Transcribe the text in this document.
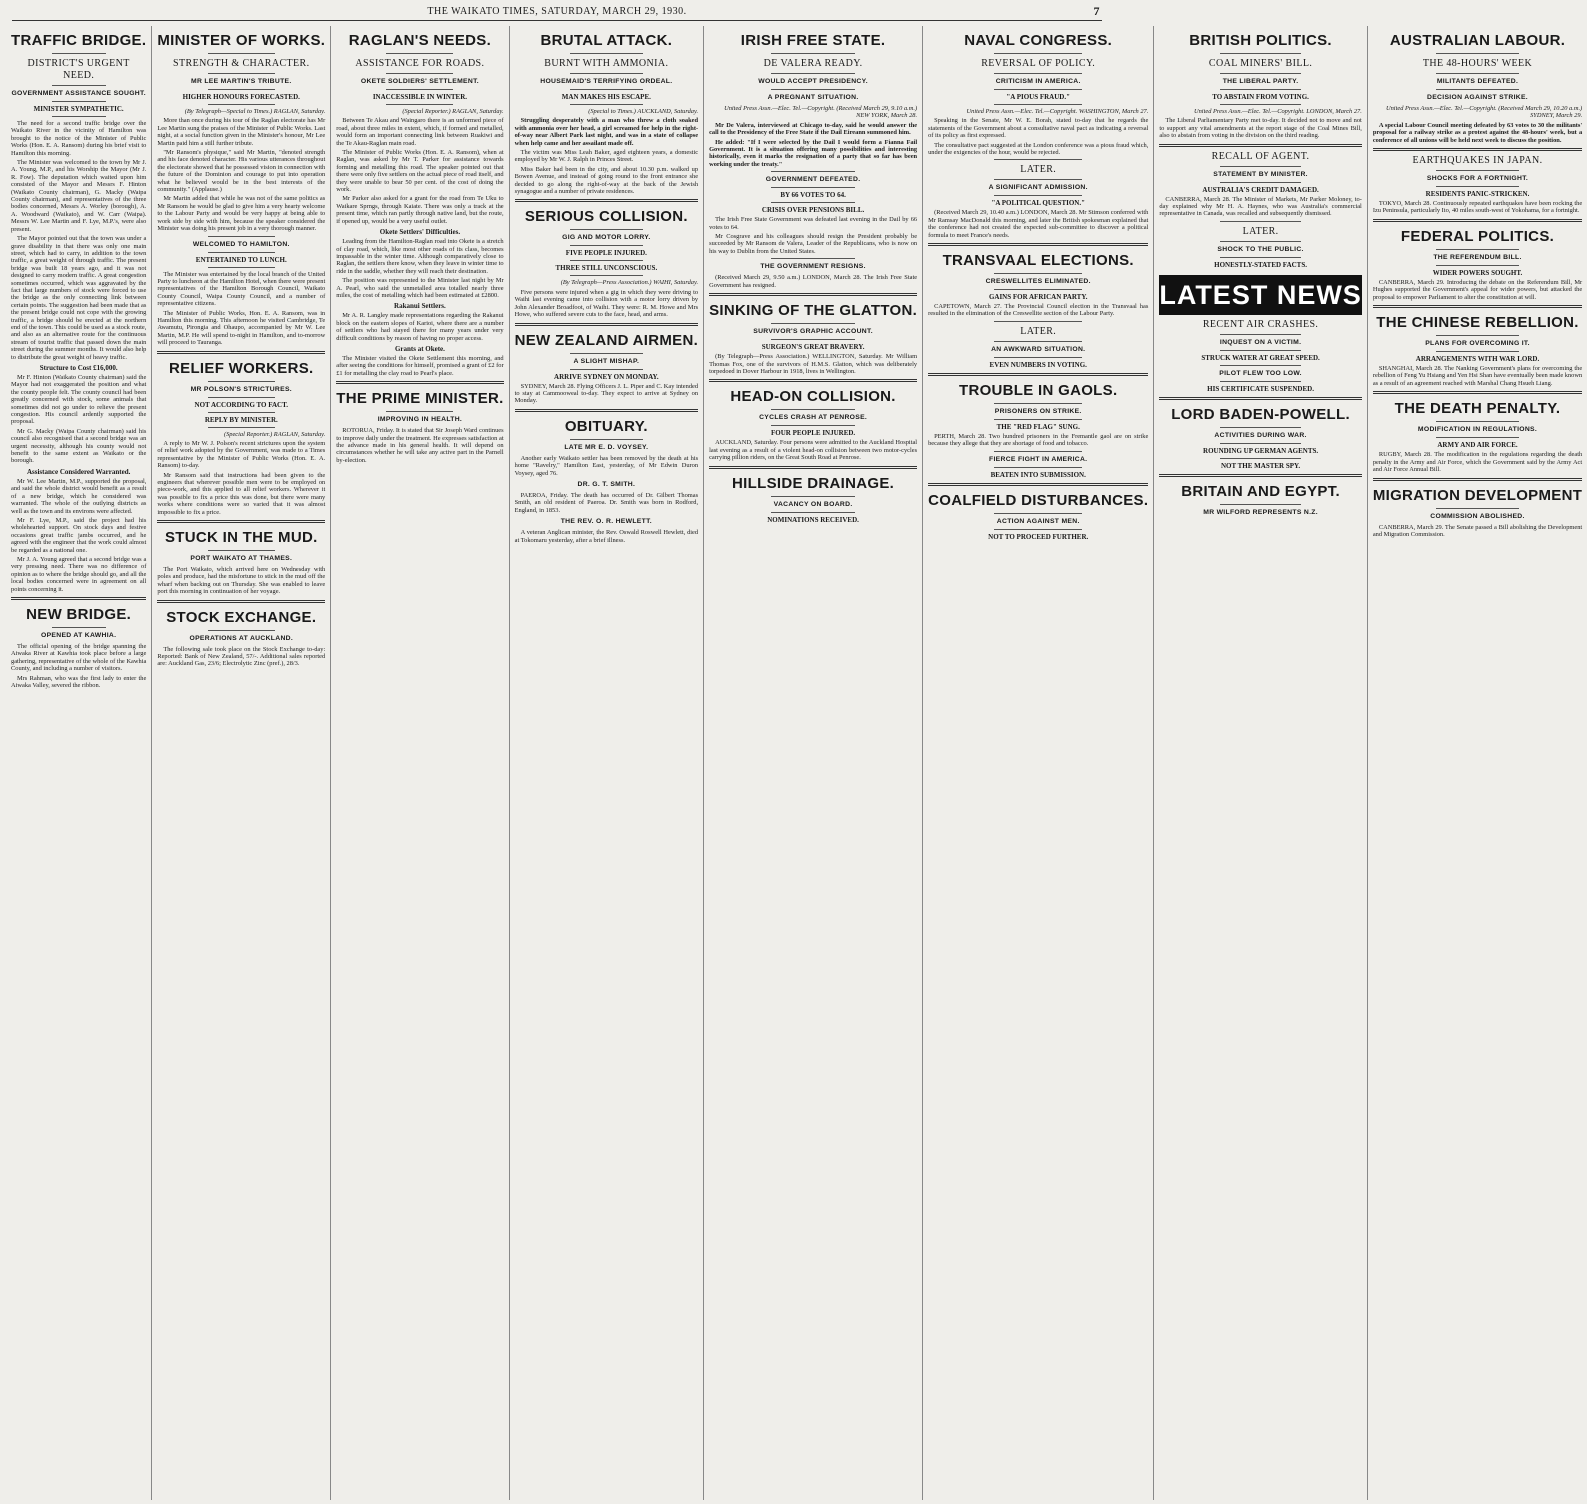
THE WAIKATO TIMES, SATURDAY, MARCH 29, 1930.	7
TRAFFIC BRIDGE.
DISTRICT'S URGENT NEED.
GOVERNMENT ASSISTANCE SOUGHT.
MINISTER SYMPATHETIC.

The need for a second traffic bridge over the Waikato River in the vicinity of Hamilton was brought to the notice of the Minister of Public Works (Hon. E. A. Ransom) during his brief visit to Hamilton this morning.

The Minister was welcomed to the town by Mr J. A. Young, M.P., and his Worship the Mayor (Mr J. R. Fow). The deputation which waited upon him consisted of the Mayor and Messrs F. Hinton (Waikato County chairman), G. Macky (Waipa County chairman), and representatives of the three bodies concerned, Messrs A. Worley (borough), A. A. Woodward (Waikato), and W. Carr (Waipa). Messrs W. Lee Martin and F. Lye, M.P.'s, were also present.

The Mayor pointed out that the town was under a grave disability in that there was only one main street, which had to carry, in addition to the town traffic, a great weight of through traffic. The present bridge was built 18 years ago, and it was not designed to carry modern traffic. A great congestion sometimes occurred, which was aggravated by the fact that large numbers of stock were forced to use the bridge as the only connecting link between certain points. The suggestion had been made that as the present bridge could not cope with the growing traffic, a bridge should be erected at the northern end of the town. This could be used as a stock route, and also as an alternative route for the continuous stream of tourist traffic that passed down the main street during the summer months. It would also help to distribute the great weight of heavy traffic.

Structure to Cost £16,000.

Mr F. Hinton (Waikato County chairman) said the Mayor had not exaggerated the position and what the county people felt. The county council had been greatly concerned with stock, some animals that sometimes did not go under to relieve the present congestion. His council ardently supported the proposal.

Mr G. Macky (Waipa County chairman) said his council also recognised that a second bridge was an urgent necessity, although his county would not benefit to the same extent as Waikato or the borough.

Assistance Considered Warranted.

Mr W. Lee Martin, M.P., supported the proposal, and said the whole district would benefit as a result of a new bridge, which he considered was warranted. The whole of the outlying districts as well as the town and its environs were affected.

Mr F. Lye, M.P., said the project had his wholehearted support. On stock days and festive occasions great traffic jambs occurred, and he agreed with the engineer that the work could almost be regarded as a national one.

Mr J. A. Young agreed that a second bridge was a very pressing need. There was no difference of opinion as to where the bridge should go, and all the local bodies concerned were in agreement on all points concerning it.

NEW BRIDGE.
OPENED AT KAWHIA.

The official opening of the bridge spanning the Aiwaka River at Kawhia took place before a large gathering, representative of the whole of the Kawhia County, and including a number of visitors.

Mrs Rahman, who was the first lady to enter the Aiwaka Valley, severed the ribbon.

MINISTER OF WORKS.
STRENGTH & CHARACTER.
MR LEE MARTIN'S TRIBUTE.
HIGHER HONOURS FORECASTED.

(By Telegraph—Special to Times.) RAGLAN, Saturday.

More than once during his tour of the Raglan electorate has Mr Lee Martin sung the praises of the Minister of Public Works. Last night, at a social function given in the Minister's honour, Mr Lee Martin paid him a still further tribute.

"Mr Ransom's physique," said Mr Martin, "denoted strength and his face denoted character. His various utterances throughout the electorate showed that he possessed vision in connection with the future of the Dominion and courage to put into operation what he believed would be in the best interests of the community." (Applause.)

Mr Martin added that while he was not of the same politics as Mr Ransom he would be glad to give him a very hearty welcome to the Labour Party and would be very happy at being able to work side by side with him, because the speaker considered the Minister was doing his present job in a very thorough manner.

WELCOMED TO HAMILTON.
ENTERTAINED TO LUNCH.

The Minister was entertained by the local branch of the United Party to luncheon at the Hamilton Hotel, when there were present representatives of the Hamilton Borough Council, Waikato County Council, Waipa County Council, and a number of representative citizens.

The Minister of Public Works, Hon. E. A. Ransom, was in Hamilton this morning. This afternoon he visited Cambridge, Te Awamutu, Pirongia and Ohaupo, accompanied by Mr W. Lee Martin, M.P. He will spend to-night in Hamilton, and to-morrow will proceed to Tauranga.

RELIEF WORKERS.
MR POLSON'S STRICTURES.
NOT ACCORDING TO FACT.
REPLY BY MINISTER.

(Special Reporter.) RAGLAN, Saturday.

A reply to Mr W. J. Polson's recent strictures upon the system of relief work adopted by the Government, was made to a Times representative by the Minister of Public Works (Hon. E. A. Ransom) to-day.

Mr Ransom said that instructions had been given to the engineers that wherever possible men were to be employed on piece-work, and this applied to all relief workers. Wherever it was possible to fix a price this was done, but there were many works where conditions were so varied that it was almost impossible to fix a price.

STUCK IN THE MUD.
PORT WAIKATO AT THAMES.

The Port Waikato, which arrived here on Wednesday with poles and produce, had the misfortune to stick in the mud off the wharf when backing out on Thursday. She was enabled to leave port this morning in continuation of her voyage.

STOCK EXCHANGE.
OPERATIONS AT AUCKLAND.

The following sale took place on the Stock Exchange to-day: Reported: Bank of New Zealand, 57/-. Additional sales reported are: Auckland Gas, 23/6; Electrolytic Zinc (pref.), 28/3.

RAGLAN'S NEEDS.
ASSISTANCE FOR ROADS.
OKETE SOLDIERS' SETTLEMENT.
INACCESSIBLE IN WINTER.

(Special Reporter.) RAGLAN, Saturday.

Between Te Akau and Waingaro there is an unformed piece of road, about three miles in extent, which, if formed and metalled, would form an important connecting link between Ruakiwi and the Te Akau-Raglan main road.

The Minister of Public Works (Hon. E. A. Ransom), when at Raglan, was asked by Mr T. Parker for assistance towards forming and metalling this road. The speaker pointed out that there were only five settlers on the actual piece of road itself, and they were unable to bear 50 per cent. of the cost of doing the work.

Mr Parker also asked for a grant for the road from Te Uku to Waikare Sprngs, through Kaiate. There was only a track at the present time, which ran partly through native land, but the route, if opened up, would be a very useful outlet.

Okete Settlers' Difficulties.

Leading from the Hamilton-Raglan road into Okete is a stretch of clay road, which, like most other roads of its class, becomes impassable in the winter time. Although comparatively close to Raglan, the settlers there know, when they leave in winter time to ride in the saddle, whether they will reach their destination.

The position was represented to the Minister last night by Mr A. Pearl, who said the unmetalled area totalled nearly three miles, the cost of metalling which had been estimated at £2800.

Rakanui Settlers.

Mr A. R. Langley made representations regarding the Rakanui block on the eastern slopes of Karioi, where there are a number of settlers who had stayed there for many years under very difficult conditions by reason of having no proper access.

Grants at Okete.

The Minister visited the Okete Settlement this morning, and after seeing the conditions for himself, promised a grant of £2 for £1 for metalling the clay road to Pearl's place.

THE PRIME MINISTER.
IMPROVING IN HEALTH.

ROTORUA, Friday. It is stated that Sir Joseph Ward continues to improve daily under the treatment. He expresses satisfaction at the advance made in his general health. It will depend on circumstances whether he will take any active part in the Parnell by-election.

BRUTAL ATTACK.
BURNT WITH AMMONIA.
HOUSEMAID'S TERRIFYING ORDEAL.
MAN MAKES HIS ESCAPE.

(Special to Times.) AUCKLAND, Saturday.

Struggling desperately with a man who threw a cloth soaked with ammonia over her head, a girl screamed for help in the right-of-way near Albert Park last night, and was in a state of collapse when help came and her assailant made off.

The victim was Miss Leah Baker, aged eighteen years, a domestic employed by Mr W. J. Ralph in Princes Street.

Miss Baker had been in the city, and about 10.30 p.m. walked up Bowen Avenue, and instead of going round to the front entrance she decided to go along the right-of-way at the back of the Jewish synagogue and a number of private residences.

SERIOUS COLLISION.
GIG AND MOTOR LORRY.
FIVE PEOPLE INJURED.
THREE STILL UNCONSCIOUS.

(By Telegraph—Press Association.) WAIHI, Saturday.

Five persons were injured when a gig in which they were driving to Waihi last evening came into collision with a motor lorry driven by John Alexander Broadfoot, of Waihi. They were: R. M. Howe and Mrs Howe, who suffered severe cuts to the face, head, and arms.

NEW ZEALAND AIRMEN.
A SLIGHT MISHAP.
ARRIVE SYDNEY ON MONDAY.

SYDNEY, March 28. Flying Officers J. L. Piper and C. Kay intended to stay at Cammooweal to-day. They expect to arrive at Sydney on Monday.

OBITUARY.
LATE MR E. D. VOYSEY.

Another early Waikato settler has been removed by the death at his home "Ravelry," Hamilton East, yesterday, of Mr Edwin Duron Voysey, aged 76.

DR. G. T. SMITH.

PAEROA, Friday. The death has occurred of Dr. Gilbert Thomas Smith, an old resident of Paeroa. Dr. Smith was born in Rodford, England, in 1853.

THE REV. O. R. HEWLETT.

A veteran Anglican minister, the Rev. Oswald Roswell Hewlett, died at Tokomaru yesterday, after a brief illness.

IRISH FREE STATE.
DE VALERA READY.
WOULD ACCEPT PRESIDENCY.
A PREGNANT SITUATION.

United Press Assn.—Elec. Tel.—Copyright. (Received March 29, 9.10 a.m.) NEW YORK, March 28.

Mr De Valera, interviewed at Chicago to-day, said he would answer the call to the Presidency of the Free State if the Dail Eireann summoned him.

He added: "If I were selected by the Dail I would form a Fianna Fail Government. It is a situation offering many possibilities and interesting historically, even it marks the resignation of a party that so far has been working under the treaty."

GOVERNMENT DEFEATED.
BY 66 VOTES TO 64.
CRISIS OVER PENSIONS BILL.

The Irish Free State Government was defeated last evening in the Dail by 66 votes to 64.

Mr Cosgrave and his colleagues should resign the President probably be succeeded by Mr Ransom de Valera, Leader of the Republicans, who is now on his way to Dublin from the United States.

THE GOVERNMENT RESIGNS.

(Received March 29, 9.50 a.m.) LONDON, March 28. The Irish Free State Government has resigned.

SINKING OF THE GLATTON.
SURVIVOR'S GRAPHIC ACCOUNT.
SURGEON'S GREAT BRAVERY.

(By Telegraph—Press Association.) WELLINGTON, Saturday. Mr William Thomas Fox, one of the survivors of H.M.S. Glatton, which was deliberately torpedoed in Dover Harbour in 1918, lives in Wellington.

HEAD-ON COLLISION.
CYCLES CRASH AT PENROSE.
FOUR PEOPLE INJURED.

AUCKLAND, Saturday. Four persons were admitted to the Auckland Hospital last evening as a result of a violent head-on collision between two motor-cycles carrying pillion riders, on the Great South Road at Penrose.

HILLSIDE DRAINAGE.
VACANCY ON BOARD.
NOMINATIONS RECEIVED.
NAVAL CONGRESS.
REVERSAL OF POLICY.
CRITICISM IN AMERICA.
"A PIOUS FRAUD."

United Press Assn.—Elec. Tel.—Copyright. WASHINGTON, March 27.

Speaking in the Senate, Mr W. E. Borah, stated to-day that he regards the statements of the Government about a consultative naval pact as indicating a reversal of its policy as first expressed.

The consultative pact suggested at the London conference was a pious fraud which, under the exigencies of the hour, would be rejected.

LATER.
A SIGNIFICANT ADMISSION.
"A POLITICAL QUESTION."

(Received March 29, 10.40 a.m.) LONDON, March 28. Mr Stimson conferred with Mr Ramsay MacDonald this morning, and later the British spokesman explained that the conference had not created the expected sub-committee to discover a political formula to meet France's needs.

TRANSVAAL ELECTIONS.
CRESWELLITES ELIMINATED.
GAINS FOR AFRICAN PARTY.

CAPETOWN, March 27. The Provincial Council election in the Transvaal has resulted in the elimination of the Creswellite section of the Labour Party.

LATER.
AN AWKWARD SITUATION.
EVEN NUMBERS IN VOTING.
TROUBLE IN GAOLS.
PRISONERS ON STRIKE.
THE "RED FLAG" SUNG.

PERTH, March 28. Two hundred prisoners in the Fremantle gaol are on strike because they allege that they are shortage of food and tobacco.

FIERCE FIGHT IN AMERICA.
BEATEN INTO SUBMISSION.
COALFIELD DISTURBANCES.
ACTION AGAINST MEN.
NOT TO PROCEED FURTHER.
BRITISH POLITICS.
COAL MINERS' BILL.
THE LIBERAL PARTY.
TO ABSTAIN FROM VOTING.

United Press Assn.—Elec. Tel.—Copyright. LONDON, March 27.

The Liberal Parliamentary Party met to-day. It decided not to move and not to support any vital amendments at the report stage of the Coal Mines Bill, also to abstain from voting in the division on the third reading.

RECALL OF AGENT.
STATEMENT BY MINISTER.
AUSTRALIA'S CREDIT DAMAGED.

CANBERRA, March 28. The Minister of Markets, Mr Parker Moloney, to-day explained why Mr H. A. Haynes, who was Australia's commercial representative in Canada, was recalled and subsequently dismissed.

LATER.
SHOCK TO THE PUBLIC.
HONESTLY-STATED FACTS.
LATEST NEWS
RECENT AIR CRASHES.
INQUEST ON A VICTIM.
STRUCK WATER AT GREAT SPEED.
PILOT FLEW TOO LOW.
HIS CERTIFICATE SUSPENDED.
LORD BADEN-POWELL.
ACTIVITIES DURING WAR.
ROUNDING UP GERMAN AGENTS.
NOT THE MASTER SPY.
BRITAIN AND EGYPT.
MR WILFORD REPRESENTS N.Z.
AUSTRALIAN LABOUR.
THE 48-HOURS' WEEK
MILITANTS DEFEATED.
DECISION AGAINST STRIKE.

United Press Assn.—Elec. Tel.—Copyright. (Received March 29, 10.20 a.m.) SYDNEY, March 29.

A special Labour Council meeting defeated by 63 votes to 30 the militants' proposal for a railway strike as a protest against the 48-hours' week, but a conference of all unions will be held next week to discuss the position.

EARTHQUAKES IN JAPAN.
SHOCKS FOR A FORTNIGHT.
RESIDENTS PANIC-STRICKEN.

TOKYO, March 28. Continuously repeated earthquakes have been rocking the Izu Peninsula, particularly Ito, 40 miles south-west of Yokohama, for a fortnight.

FEDERAL POLITICS.
THE REFERENDUM BILL.
WIDER POWERS SOUGHT.

CANBERRA, March 29. Introducing the debate on the Referendum Bill, Mr Hughes supported the Government's appeal for wider powers, but attacked the proposal to empower Parliament to alter the constitution at will.

THE CHINESE REBELLION.
PLANS FOR OVERCOMING IT.
ARRANGEMENTS WITH WAR LORD.

SHANGHAI, March 28. The Nanking Government's plans for overcoming the rebellion of Feng Yu Hsiang and Yen Hsi Shan have eventually been made known as a result of an agreement reached with Marshal Chang Hsueh Liang.

THE DEATH PENALTY.
MODIFICATION IN REGULATIONS.
ARMY AND AIR FORCE.

RUGBY, March 28. The modification in the regulations regarding the death penalty in the Army and Air Force, which the Government said by the Army Act and Air Force Annual Bill.

MIGRATION DEVELOPMENT
COMMISSION ABOLISHED.

CANBERRA, March 29. The Senate passed a Bill abolishing the Development and Migration Commission.
